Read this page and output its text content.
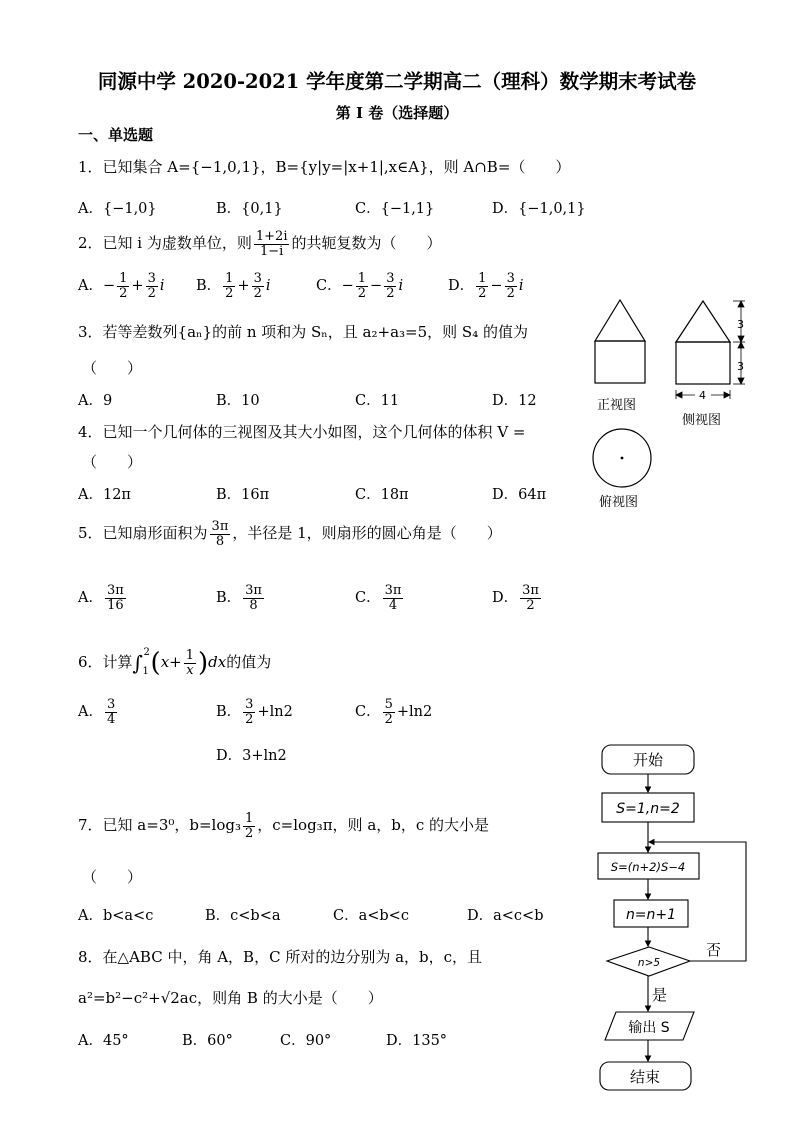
同源中学 2020-2021 学年度第二学期高二（理科）数学期末考试卷
第 I 卷（选择题）
一、单选题
1．已知集合 A={−1,0,1}，B={y|y=|x+1|,x∈A}，则 A∩B=（　　）
A．{−1,0}	B．{0,1}	C．{−1,1}	D．{−1,0,1}
2．已知 i 为虚数单位，则 $\frac{1+2i}{1-i}$ 的共轭复数为（　　）
A．− $\frac{1}{2} + \frac{3}{2}$ i B． $\frac{1}{2} + \frac{3}{2}$ i	C．− $\frac{1}{2} - \frac{3}{2}$ i	D． $\frac{1}{2} - \frac{3}{2}$ i
3．若等差数列{aₙ}的前 n 项和为 Sₙ，且 a₂+a₃=5，则 S₄ 的值为
（　　）
A．9	B．10	C．11	D．12
4．已知一个几何体的三视图及其大小如图，这个几何体的体积 V =
（　　）
A．12π	B．16π	C．18π	D．64π
5．已知扇形面积为 $\frac{3\pi}{8}$ ，半径是 1，则扇形的圆心角是（　　）
A． $\frac{3\pi}{16}$	B． $\frac{3\pi}{8}$	C． $\frac{3\pi}{4}$	D． $\frac{3\pi}{2}$
6．计算∫ 2
1 $(x+ \frac{1}{x} )dx$的值为
A． $\frac{3}{4}$	B． $\frac{3}{2} +\ln 2$	C． $\frac{5}{2} +\ln 2$
D．3+ln2
7．已知 a=3⁰，$b=\log_3 \frac{1}{2}$ ，c=log₃π，则 a，b，c 的大小是
（　　）
A．b<a<c	B．c<b<a	C．a<b<c	D．a<c<b
8．在△ABC 中，角 A，B，C 所对的边分别为 a，b，c，且
a²=b²−c²+√2ac，则角 B 的大小是（　　）
A．45°	B．60°	C．90°	D．135°
3
3
4
正视图
侧视图
俯视图
开始
S=1,n=2
S=(n+2)S−4
n=n+1
n>5
否
是
输出 S
结束
